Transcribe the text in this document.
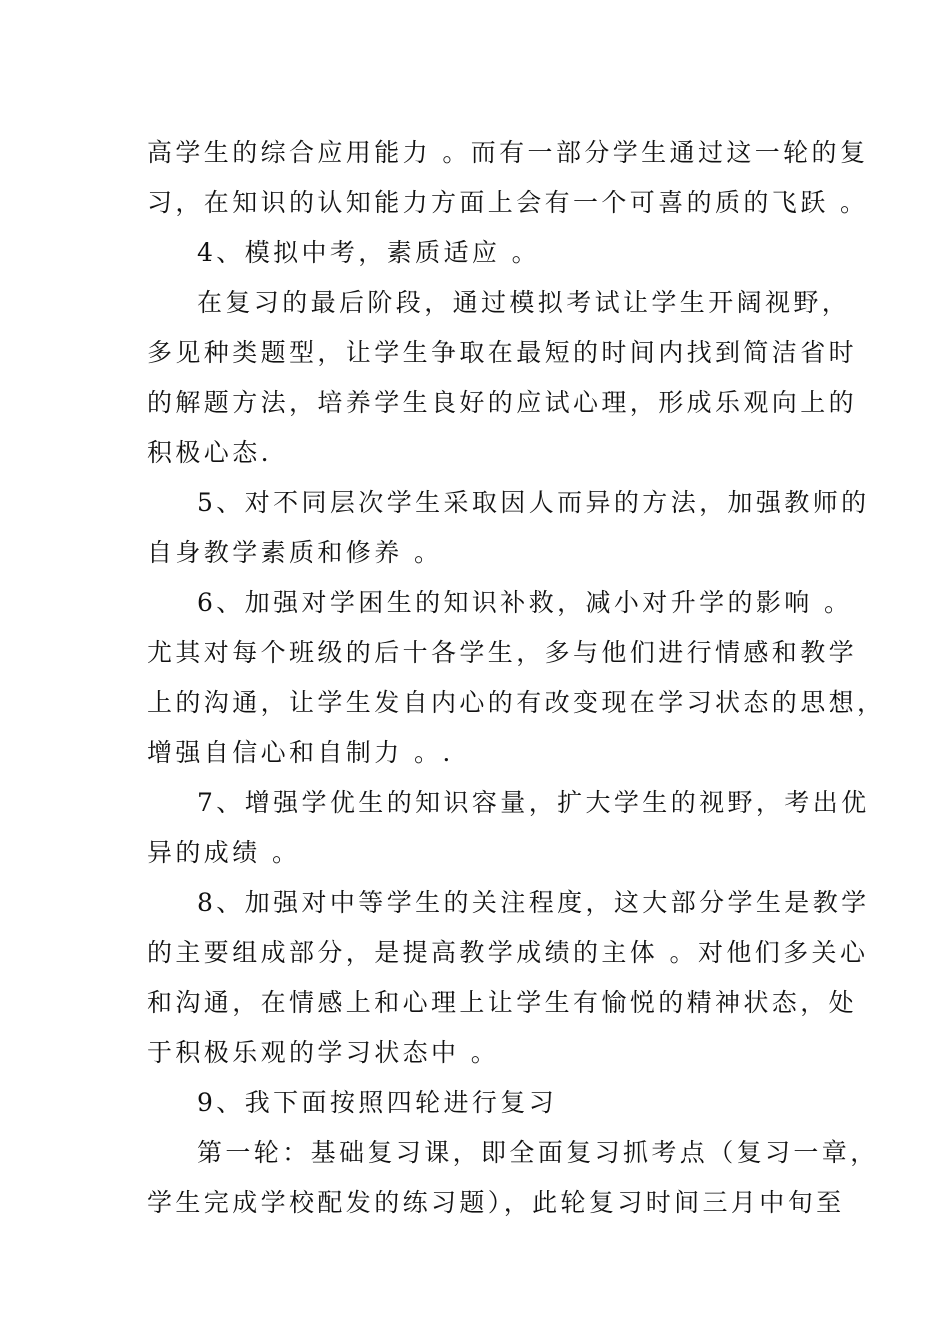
高学生的综合应用能力 。而有一部分学生通过这一轮的复
习，在知识的认知能力方面上会有一个可喜的质的飞跃 。
4、模拟中考，素质适应 。
在复习的最后阶段，通过模拟考试让学生开阔视野，
多见种类题型，让学生争取在最短的时间内找到简洁省时
的解题方法，培养学生良好的应试心理，形成乐观向上的
积极心态.
5、对不同层次学生采取因人而异的方法，加强教师的
自身教学素质和修养 。
6、加强对学困生的知识补救，减小对升学的影响 。
尤其对每个班级的后十各学生，多与他们进行情感和教学
上的沟通，让学生发自内心的有改变现在学习状态的思想，
增强自信心和自制力 。.
7、增强学优生的知识容量，扩大学生的视野，考出优
异的成绩 。
8、加强对中等学生的关注程度，这大部分学生是教学
的主要组成部分，是提高教学成绩的主体 。对他们多关心
和沟通，在情感上和心理上让学生有愉悦的精神状态，处
于积极乐观的学习状态中 。
9、我下面按照四轮进行复习
第一轮：基础复习课，即全面复习抓考点（复习一章，
学生完成学校配发的练习题），此轮复习时间三月中旬至
